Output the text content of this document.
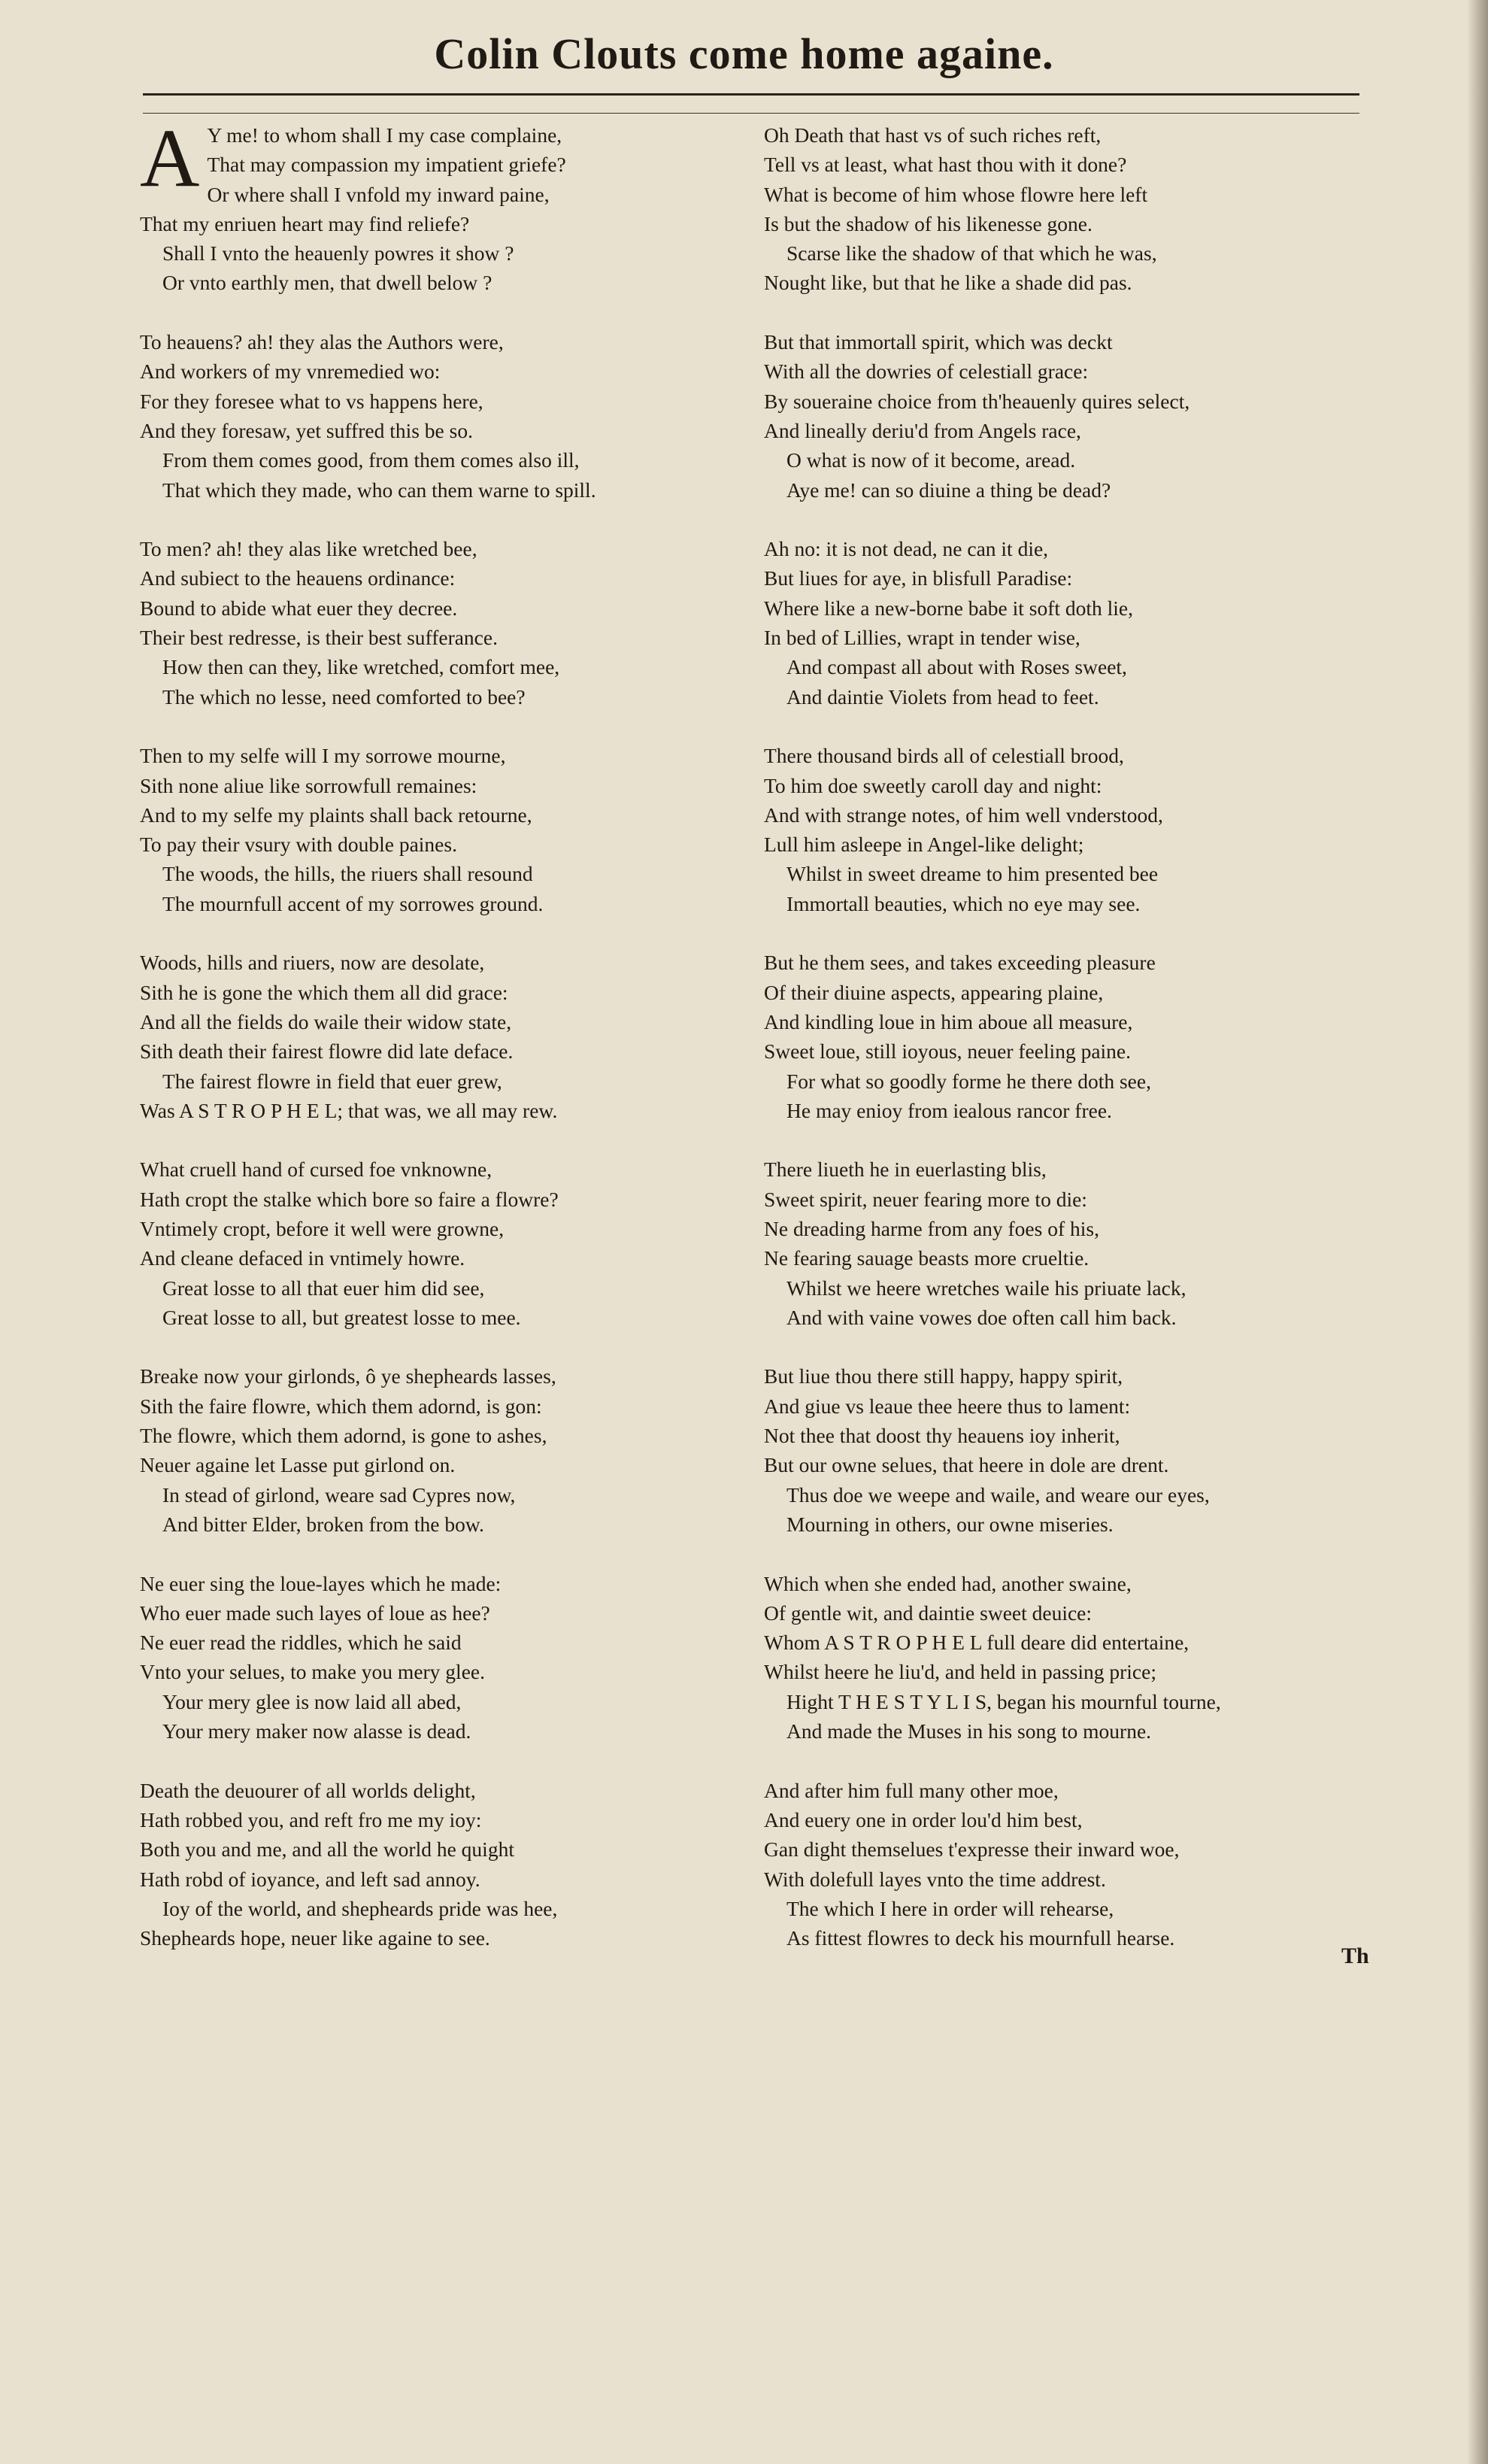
Colin Clouts come home againe.
A Y me! to whom shall I my case complaine,
That may compassion my impatient griefe?
Or where shall I vnfold my inward paine,
That my enriuen heart may find reliefe?
Shall I vnto the heauenly powres it show ?
Or vnto earthly men, that dwell below ?
To heauens? ah! they alas the Authors were,
And workers of my vnremedied wo:
For they foresee what to vs happens here,
And they foresaw, yet suffred this be so.
From them comes good, from them comes also ill,
That which they made, who can them warne to spill.
To men? ah! they alas like wretched bee,
And subiect to the heauens ordinance:
Bound to abide what euer they decree.
Their best redresse, is their best sufferance.
How then can they, like wretched, comfort mee,
The which no lesse, need comforted to bee?
Then to my selfe will I my sorrowe mourne,
Sith none aliue like sorrowfull remaines:
And to my selfe my plaints shall back retourne,
To pay their vsury with double paines.
The woods, the hills, the riuers shall resound
The mournfull accent of my sorrowes ground.
Woods, hills and riuers, now are desolate,
Sith he is gone the which them all did grace:
And all the fields do waile their widow state,
Sith death their fairest flowre did late deface.
The fairest flowre in field that euer grew,
Was A S T R O P H E L; that was, we all may rew.
What cruell hand of cursed foe vnknowne,
Hath cropt the stalke which bore so faire a flowre?
Vntimely cropt, before it well were growne,
And cleane defaced in vntimely howre.
Great losse to all that euer him did see,
Great losse to all, but greatest losse to mee.
Breake now your girlonds, ô ye shepheards lasses,
Sith the faire flowre, which them adornd, is gon:
The flowre, which them adornd, is gone to ashes,
Neuer againe let Lasse put girlond on.
In stead of girlond, weare sad Cypres now,
And bitter Elder, broken from the bow.
Ne euer sing the loue-layes which he made:
Who euer made such layes of loue as hee?
Ne euer read the riddles, which he said
Vnto your selues, to make you mery glee.
Your mery glee is now laid all abed,
Your mery maker now alasse is dead.
Death the deuourer of all worlds delight,
Hath robbed you, and reft fro me my ioy:
Both you and me, and all the world he quight
Hath robd of ioyance, and left sad annoy.
Ioy of the world, and shepheards pride was hee,
Shepheards hope, neuer like againe to see.
Oh Death that hast vs of such riches reft,
Tell vs at least, what hast thou with it done?
What is become of him whose flowre here left
Is but the shadow of his likenesse gone.
Scarse like the shadow of that which he was,
Nought like, but that he like a shade did pas.
But that immortall spirit, which was deckt
With all the dowries of celestiall grace:
By soueraine choice from th'heauenly quires select,
And lineally deriu'd from Angels race,
O what is now of it become, aread.
Aye me! can so diuine a thing be dead?
Ah no: it is not dead, ne can it die,
But liues for aye, in blisfull Paradise:
Where like a new-borne babe it soft doth lie,
In bed of Lillies, wrapt in tender wise,
And compast all about with Roses sweet,
And daintie Violets from head to feet.
There thousand birds all of celestiall brood,
To him doe sweetly caroll day and night:
And with strange notes, of him well vnderstood,
Lull him asleepe in Angel-like delight;
Whilst in sweet dreame to him presented bee
Immortall beauties, which no eye may see.
But he them sees, and takes exceeding pleasure
Of their diuine aspects, appearing plaine,
And kindling loue in him aboue all measure,
Sweet loue, still ioyous, neuer feeling paine.
For what so goodly forme he there doth see,
He may enioy from iealous rancor free.
There liueth he in euerlasting blis,
Sweet spirit, neuer fearing more to die:
Ne dreading harme from any foes of his,
Ne fearing sauage beasts more crueltie.
Whilst we heere wretches waile his priuate lack,
And with vaine vowes doe often call him back.
But liue thou there still happy, happy spirit,
And giue vs leaue thee heere thus to lament:
Not thee that doost thy heauens ioy inherit,
But our owne selues, that heere in dole are drent.
Thus doe we weepe and waile, and weare our eyes,
Mourning in others, our owne miseries.
Which when she ended had, another swaine,
Of gentle wit, and daintie sweet deuice:
Whom A S T R O P H E L full deare did entertaine,
Whilst heere he liu'd, and held in passing price;
Hight T H E S T Y L I S, began his mournful tourne,
And made the Muses in his song to mourne.
And after him full many other moe,
And euery one in order lou'd him best,
Gan dight themselues t'expresse their inward woe,
With dolefull layes vnto the time addrest.
The which I here in order will rehearse,
As fittest flowres to deck his mournfull hearse.
Th
